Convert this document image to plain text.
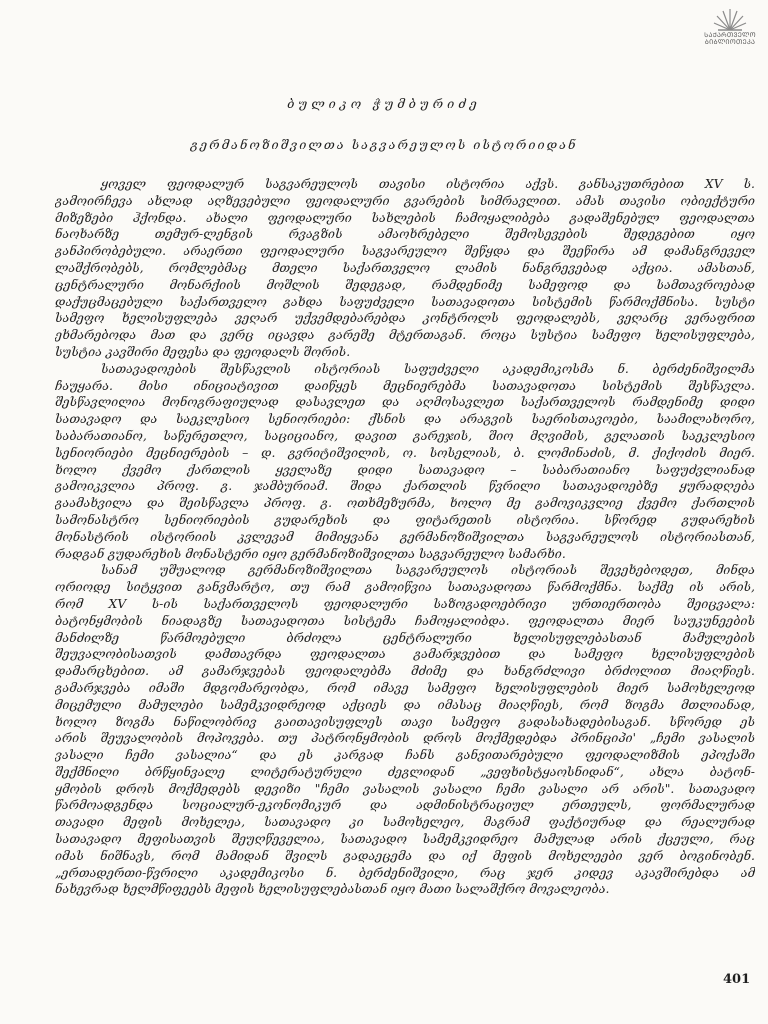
ᲡᲐᲥᲐᲠᲗᲕᲔᲚᲝ
ᲑᲘᲑᲚᲘᲝᲗᲔᲙᲐ
ბულიკო ჭუმბურიძე
გერმანოზიშვილთა საგვარეულოს ისტორიიდან
ყოველ ფეოდალურ საგვარეულოს თავისი ისტორია აქვს. განსაკუთრებით XV ს.
გამოირჩევა ახლად აღზევებული ფეოდალური გვარების სიმრავლით. ამას თავისი ობიექტური
მიზეზები ჰქონდა. ახალი ფეოდალური სახლების ჩამოყალიბება გადაშენებულ ფეოდალთა
ნაოხარზე თემურ-ლენგის რვაგზის ამაოხრებელი შემოსევების შედეგებით იყო
განპირობებული. არაერთი ფეოდალური საგვარეულო შეწყდა და შეეწირა ამ დამანგრეველ
ლაშქრობებს, რომლებმაც მთელი საქართველო ლამის ნანგრევებად აქცია. ამასთან,
ცენტრალური მონარქიის მოშლის შედეგად, რამდენიმე სამეფოდ და სამთავროებად
დაქუცმაცებული საქართველო გახდა საფუძველი სათავადოთა სისტემის წარმოქმნისა. სუსტი
სამეფო ხელისუფლება ვეღარ უქვემდებარებდა კონტროლს ფეოდალებს, ვეღარც ვერაფრით
ეხმარებოდა მათ და ვერც იცავდა გარეშე მტერთაგან. როცა სუსტია სამეფო ხელისუფლება,
სუსტია კავშირი მეფესა და ფეოდალს შორის.
სათავადოების შესწავლის ისტორიას საფუძველი აკადემიკოსმა ნ. ბერძენიშვილმა
ჩაუყარა. მისი ინიციატივით დაიწყეს მეცნიერებმა სათავადოთა სისტემის შესწავლა.
შესწავლილია მონოგრაფიულად დასავლეთ და აღმოსავლეთ საქართველოს რამდენიმე დიდი
სათავადო და საეკლესიო სენიორიები: ქსნის და არაგვის საერისთავოები, საამილახორო,
საბარათიანო, საწერეთლო, საციციანო, დავით გარეჯის, შიო მღვიმის, გელათის საეკლესიო
სენიორიები მეცნიერების – დ. გვრიტიშვილის, ო. სოსელიას, ბ. ლომინაძის, მ. ქიქოძის მიერ.
ხოლო ქვემო ქართლის ყველაზე დიდი სათავადო – საბარათიანო საფუძვლიანად
გამოიკვლია პროფ. გ. ჯამბურიამ. შიდა ქართლის წვრილი სათავადოებზე ყურადღება
გაამახვილა და შეისწავლა პროფ. გ. ოთხმეზურმა, ხოლო მე გამოვიკვლიე ქვემო ქართლის
სამონასტრო სენიორიების გუდარეხის და ფიტარეთის ისტორია. სწორედ გუდარეხის
მონასტრის ისტორიის კვლევამ მიმიყვანა გერმანოზიშვილთა საგვარეულოს ისტორიასთან,
რადგან გუდარეხის მონასტერი იყო გერმანოზიშვილთა საგვარეულო სამარხი.
სანამ უშუალოდ გერმანოზიშვილთა საგვარეულოს ისტორიას შევეხებოდეთ, მინდა
ორიოდე სიტყვით განვმარტო, თუ რამ გამოიწვია სათავადოთა წარმოქმნა. საქმე ის არის,
რომ XV ს-ის საქართველოს ფეოდალური საზოგადოებრივი ურთიერთობა შეიცვალა:
ბატონყმობის ნიადაგზე სათავადოთა სისტემა ჩამოყალიბდა. ფეოდალთა მიერ საუკუნეების
მანძილზე წარმოებული ბრძოლა ცენტრალური ხელისუფლებასთან მამულების
შეუვალობისათვის დამთავრდა ფეოდალთა გამარჯვებით და სამეფო ხელისუფლების
დამარცხებით. ამ გამარჯვებას ფეოდალებმა მძიმე და ხანგრძლივი ბრძოლით მიაღწიეს.
გამარჯვება იმაში მდგომარეობდა, რომ იმავე სამეფო ხელისუფლების მიერ სამოხელეოდ
მიცემული მამულები სამემკვიდრეოდ აქციეს და იმასაც მიაღწიეს, რომ ზოგმა მთლიანად,
ხოლო ზოგმა ნაწილობრივ გაითავისუფლეს თავი სამეფო გადასახადებისაგან. სწორედ ეს
არის შეუვალობის მოპოვება. თუ პატრონყმობის დროს მოქმედებდა პრინციპი' „ჩემი ვასალის
ვასალი ჩემი ვასალია“ და ეს კარგად ჩანს განვითარებული ფეოდალიზმის ეპოქაში
შექმნილი ბრწყინვალე ლიტერატურული ძეგლიდან „ვეფხისტყაოსნიდან“, ახლა ბატონ-
ყმობის დროს მოქმედებს დევიზი "ჩემი ვასალის ვასალი ჩემი ვასალი არ არის". სათავადო
წარმოადგენდა სოციალურ-ეკონომიკურ და ადმინისტრაციულ ერთეულს, ფორმალურად
თავადი მეფის მოხელეა, სათავადო კი სამოხელეო, მაგრამ ფაქტიურად და რეალურად
სათავადო მეფისათვის შეუღწეველია, სათავადო სამემკვიდრეო მამულად არის ქცეული, რაც
იმას ნიშნავს, რომ მამიდან შვილს გადაეცემა და იქ მეფის მოხელეები ვერ ბოგინობენ.
„ერთადერთი-წვრილი აკადემიკოსი ნ. ბერძენიშვილი, რაც ჯერ კიდევ აკავშირებდა ამ
ნახევრად ხელმწიფეებს მეფის ხელისუფლებასთან იყო მათი სალაშქრო მოვალეობა.
401
